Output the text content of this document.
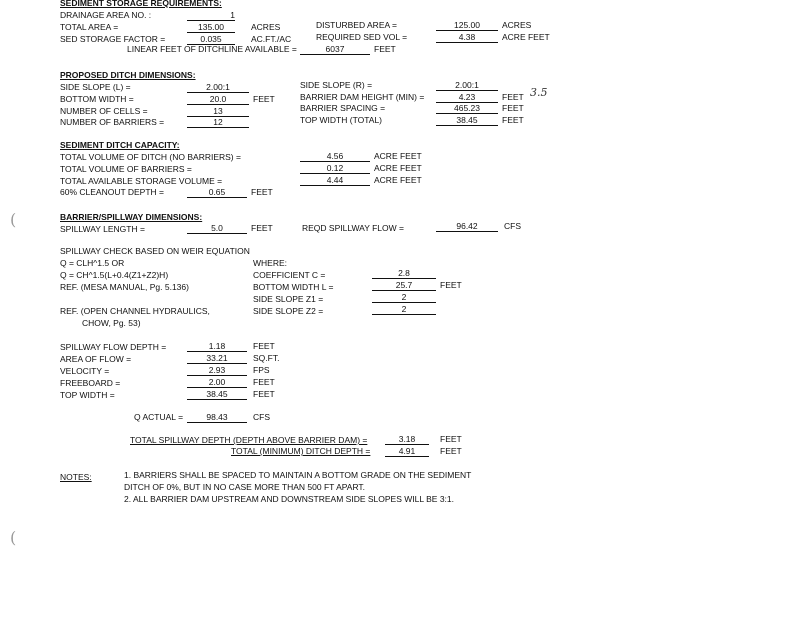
SEDIMENT STORAGE REQUIREMENTS:
DRAINAGE AREA NO. :	1
TOTAL AREA =	135.00	ACRES	DISTURBED AREA =	125.00	ACRES
SED STORAGE FACTOR =	0.035	AC.FT./AC	REQUIRED SED VOL =	4.38	ACRE FEET
LINEAR FEET OF DITCHLINE AVAILABLE =	6037	FEET
PROPOSED DITCH DIMENSIONS:
SIDE SLOPE (L) =	2.00:1	SIDE SLOPE (R) =	2.00:1
BOTTOM WIDTH =	20.0	FEET	BARRIER DAM HEIGHT (MIN) =	4.23	FEET 3.5
NUMBER OF CELLS =	13	BARRIER SPACING =	465.23	FEET
NUMBER OF BARRIERS =	12	TOP WIDTH (TOTAL)	38.45	FEET
SEDIMENT DITCH CAPACITY:
TOTAL VOLUME OF DITCH (NO BARRIERS) =	4.56	ACRE FEET
TOTAL VOLUME OF BARRIERS =	0.12	ACRE FEET
TOTAL AVAILABLE STORAGE VOLUME =	4.44	ACRE FEET
60% CLEANOUT DEPTH =	0.65	FEET
BARRIER/SPILLWAY DIMENSIONS:
SPILLWAY LENGTH =	5.0	FEET	REQD SPILLWAY FLOW =	96.42	CFS
(
SPILLWAY CHECK BASED ON WEIR EQUATION
Q = CLH^1.5 OR
Q = CH^1.5(L+0.4(Z1+Z2)H)
REF. (MESA MANUAL, Pg. 5.136)
REF. (OPEN CHANNEL HYDRAULICS,
CHOW, Pg. 53)
WHERE:
COEFFICIENT C =	2.8
BOTTOM WIDTH L =	25.7	FEET
SIDE SLOPE Z1 =	2
SIDE SLOPE Z2 =	2
SPILLWAY FLOW DEPTH =	1.18	FEET
AREA OF FLOW =	33.21	SQ.FT.
VELOCITY =	2.93	FPS
FREEBOARD =	2.00	FEET
TOP WIDTH =	38.45	FEET
Q ACTUAL =	98.43	CFS
TOTAL SPILLWAY DEPTH (DEPTH ABOVE BARRIER DAM) =	3.18	FEET
TOTAL (MINIMUM) DITCH DEPTH =	4.91	FEET
NOTES:	1. BARRIERS SHALL BE SPACED TO MAINTAIN A BOTTOM GRADE ON THE SEDIMENT
DITCH OF 0%, BUT IN NO CASE MORE THAN 500 FT APART.
2. ALL BARRIER DAM UPSTREAM AND DOWNSTREAM SIDE SLOPES WILL BE 3:1.
(
